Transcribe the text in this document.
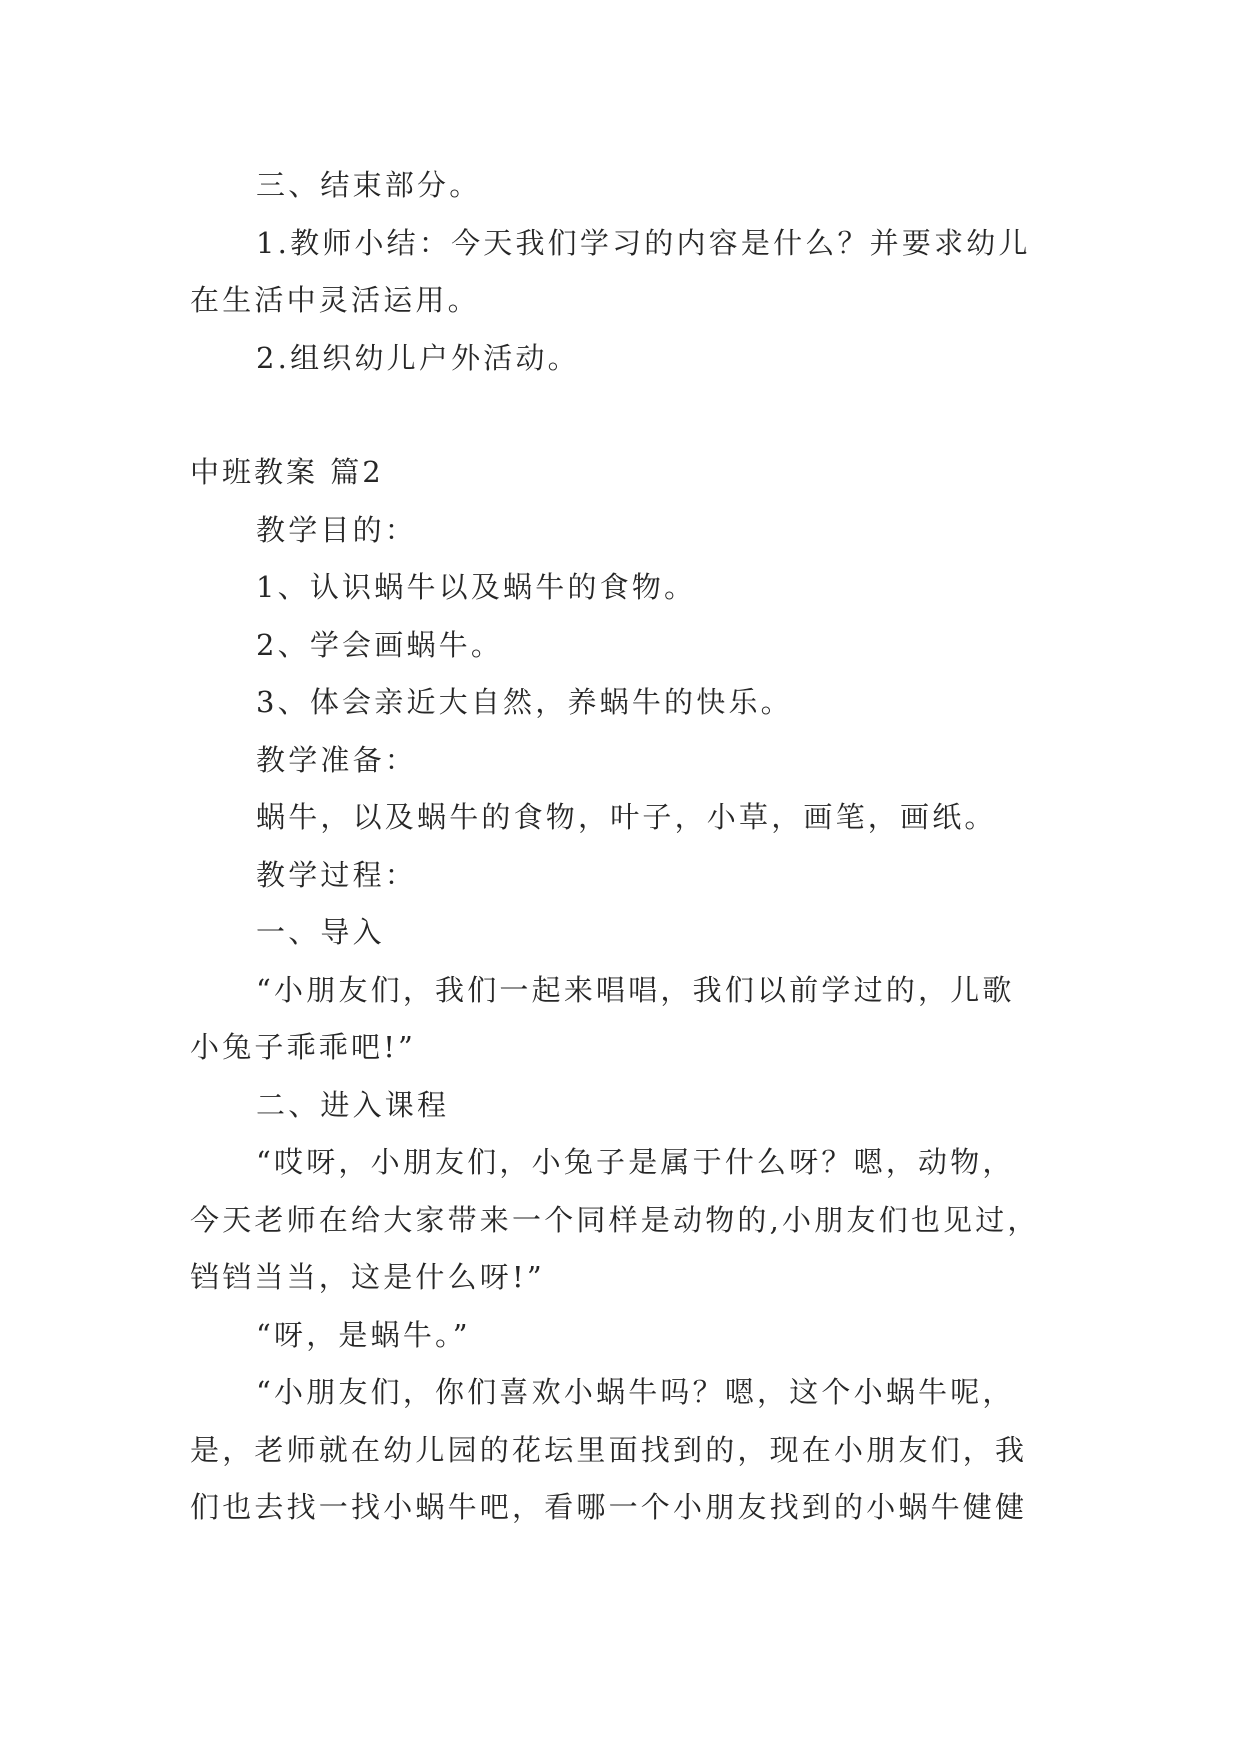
三、结束部分。
1.教师小结：今天我们学习的内容是什么？并要求幼儿
在生活中灵活运用。
2.组织幼儿户外活动。
中班教案 篇2
教学目的：
1、认识蜗牛以及蜗牛的食物。
2、学会画蜗牛。
3、体会亲近大自然，养蜗牛的快乐。
教学准备：
蜗牛，以及蜗牛的食物，叶子，小草，画笔，画纸。
教学过程：
一、导入
“小朋友们，我们一起来唱唱，我们以前学过的，儿歌
小兔子乖乖吧!”
二、进入课程
“哎呀，小朋友们，小兔子是属于什么呀？嗯，动物，
今天老师在给大家带来一个同样是动物的,小朋友们也见过，
铛铛当当，这是什么呀!”
“呀，是蜗牛。”
“小朋友们，你们喜欢小蜗牛吗？嗯，这个小蜗牛呢，
是，老师就在幼儿园的花坛里面找到的，现在小朋友们，我
们也去找一找小蜗牛吧，看哪一个小朋友找到的小蜗牛健健
